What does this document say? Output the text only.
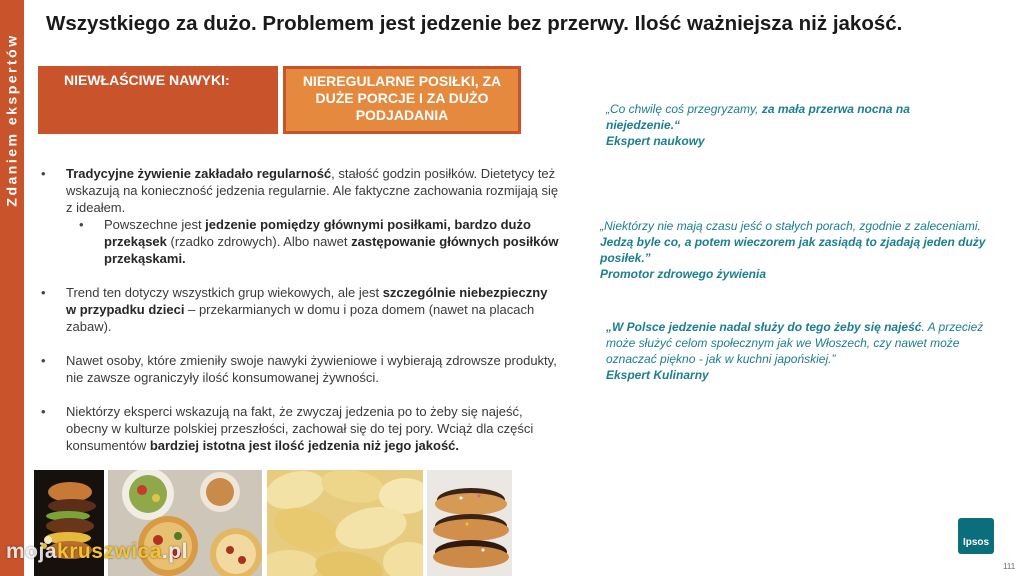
Zdaniem ekspertów
Wszystkiego za dużo. Problemem jest jedzenie bez przerwy. Ilość ważniejsza niż jakość.
NIEWŁAŚCIWE NAWYKI:	NIEREGULARNE POSIŁKI, ZA DUŻE PORCJE I ZA DUŻO PODJADANIA
• Tradycyjne żywienie zakładało regularność, stałość godzin posiłków. Dietetycy też wskazują na konieczność jedzenia regularnie. Ale faktyczne zachowania rozmijają się z ideałem.
• Powszechne jest jedzenie pomiędzy głównymi posiłkami, bardzo dużo przekąsek (rzadko zdrowych). Albo nawet zastępowanie głównych posiłków przekąskami.
• Trend ten dotyczy wszystkich grup wiekowych, ale jest szczególnie niebezpieczny w przypadku dzieci – przekarmianych w domu i poza domem (nawet na placach zabaw).
• Nawet osoby, które zmieniły swoje nawyki żywieniowe i wybierają zdrowsze produkty, nie zawsze ograniczyły ilość konsumowanej żywności.
• Niektórzy eksperci wskazują na fakt, że zwyczaj jedzenia po to żeby się najeść, obecny w kulturze polskiej przeszłości, zachował się do tej pory. Wciąż dla części konsumentów bardziej istotna jest ilość jedzenia niż jego jakość.
„Co chwilę coś przegryzamy, za mała przerwa nocna na niejedzenie.“
Ekspert naukowy
„Niektórzy nie mają czasu jeść o stałych porach, zgodnie z zaleceniami. Jedzą byle co, a potem wieczorem jak zasiądą to zjadają jeden duży posiłek.”
Promotor zdrowego żywienia
„W Polsce jedzenie nadal służy do tego żeby się najeść. A przecież może służyć celom społecznym jak we Włoszech, czy nawet może oznaczać piękno - jak w kuchni japońskiej.”
Ekspert Kulinarny
mojakruszwica.pl	Ipsos
111
